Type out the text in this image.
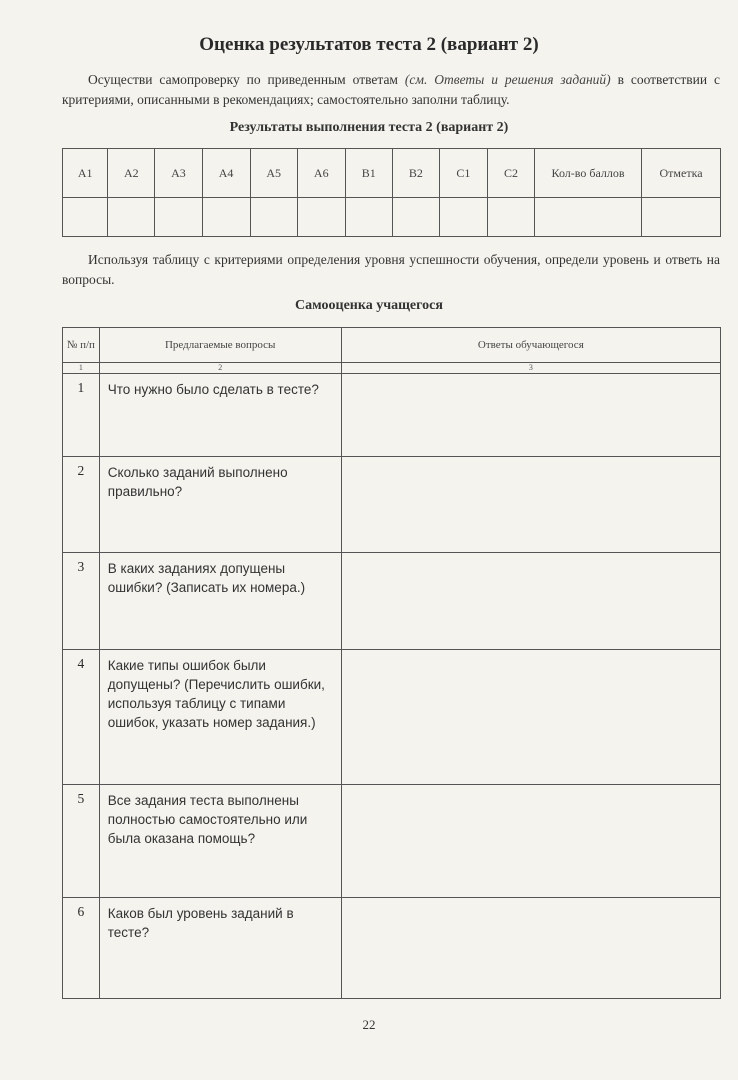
Оценка результатов теста 2 (вариант 2)
Осуществи самопроверку по приведенным ответам (см. Ответы и решения заданий) в соответствии с критериями, описанными в рекомендациях; самостоятельно заполни таблицу.
Результаты выполнения теста 2 (вариант 2)
А1	А2	А3	А4	А5	А6	В1	В2	С1	С2	Кол-во баллов	Отметка

Используя таблицу с критериями определения уровня успешности обучения, определи уровень и ответь на вопросы.
Самооценка учащегося
№ п/п	Предлагаемые вопросы	Ответы обучающегося
1	2	3
1	Что нужно было сделать в тесте?	
2	Сколько заданий выполнено правильно?	
3	В каких заданиях допущены ошибки? (Записать их номера.)	
4	Какие типы ошибок были допущены? (Перечислить ошибки, используя таблицу с типами ошибок, указать номер задания.)	
5	Все задания теста выполнены полностью самостоятельно или была оказана помощь?	
6	Каков был уровень заданий в тесте?	
22
